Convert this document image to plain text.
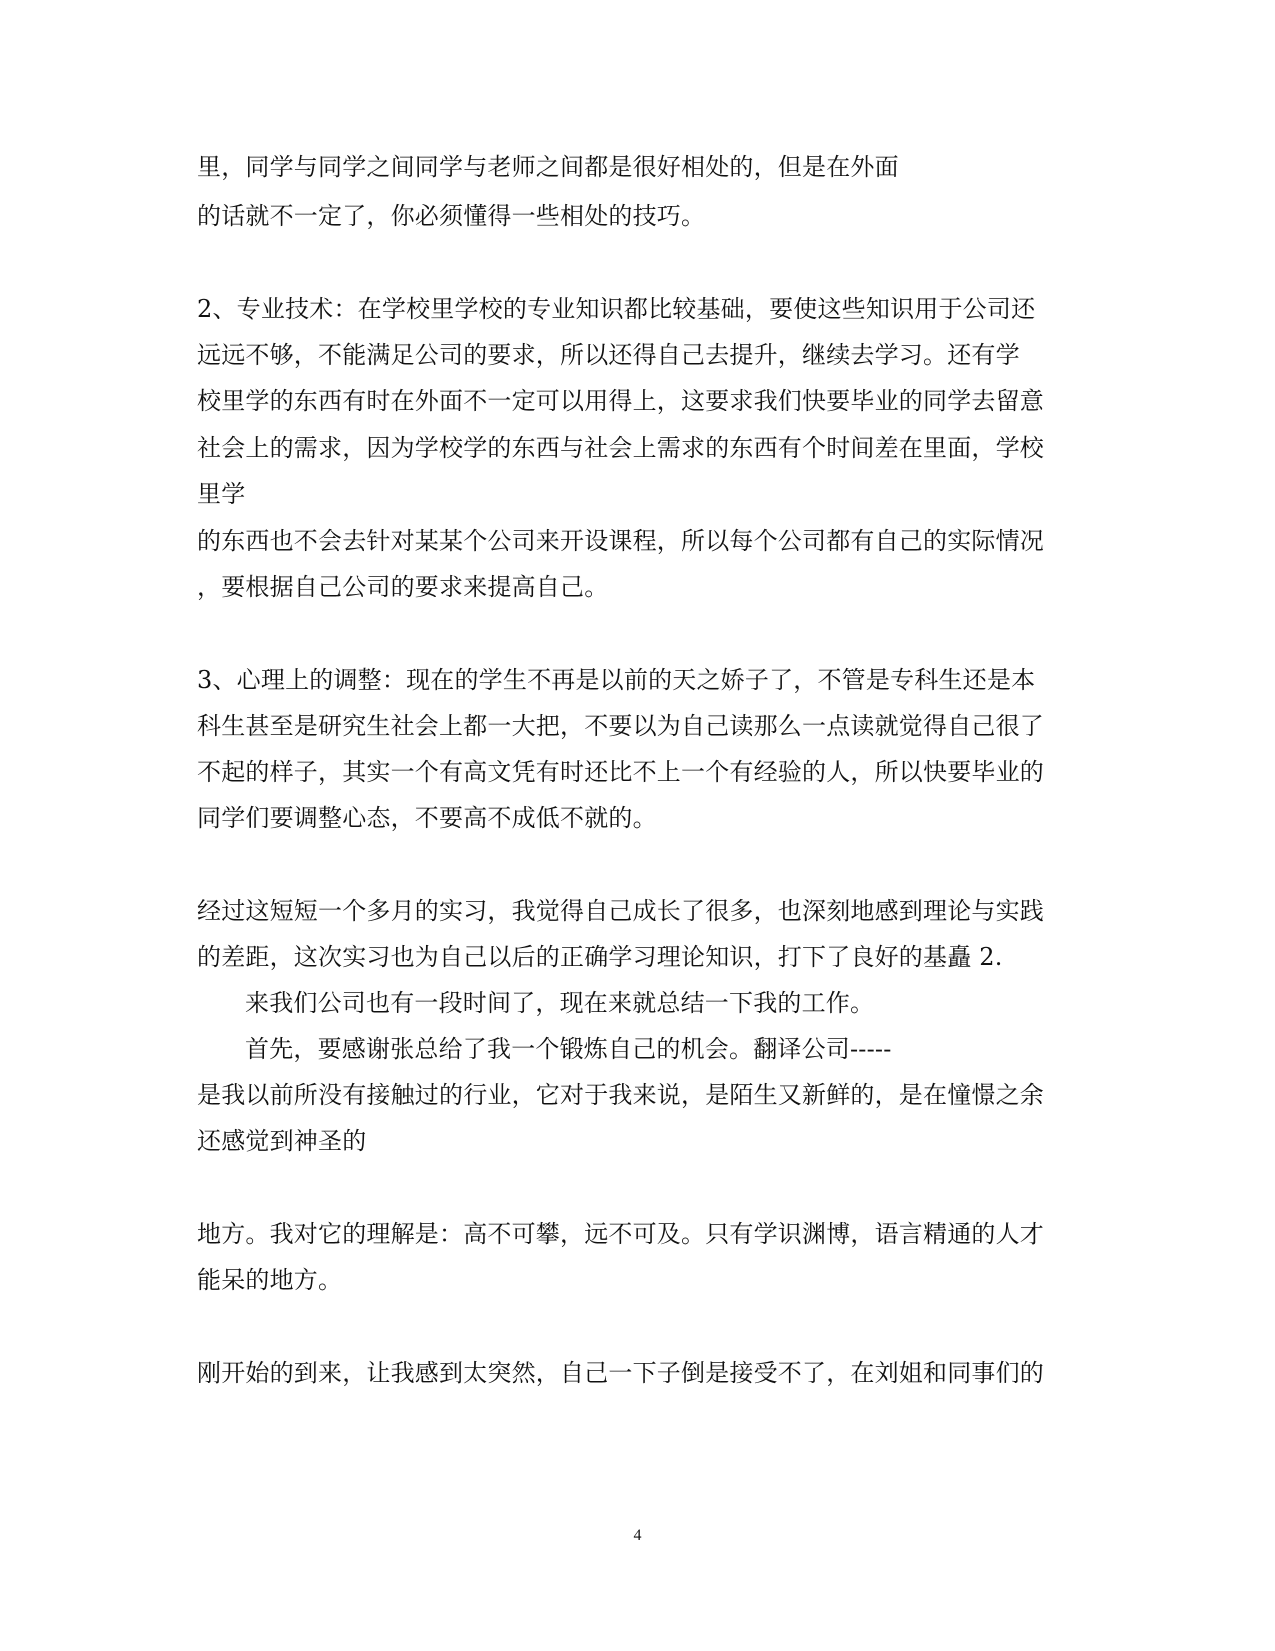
里，同学与同学之间同学与老师之间都是很好相处的，但是在外面
的话就不一定了，你必须懂得一些相处的技巧。
2、专业技术：在学校里学校的专业知识都比较基础，要使这些知识用于公司还
远远不够，不能满足公司的要求，所以还得自己去提升，继续去学习。还有学
校里学的东西有时在外面不一定可以用得上，这要求我们快要毕业的同学去留意
社会上的需求，因为学校学的东西与社会上需求的东西有个时间差在里面，学校
里学
的东西也不会去针对某某个公司来开设课程，所以每个公司都有自己的实际情况
，要根据自己公司的要求来提高自己。
3、心理上的调整：现在的学生不再是以前的天之娇子了，不管是专科生还是本
科生甚至是研究生社会上都一大把，不要以为自己读那么一点读就觉得自己很了
不起的样子，其实一个有高文凭有时还比不上一个有经验的人，所以快要毕业的
同学们要调整心态，不要高不成低不就的。
经过这短短一个多月的实习，我觉得自己成长了很多，也深刻地感到理论与实践
的差距，这次实习也为自己以后的正确学习理论知识，打下了良好的基矗 2.
来我们公司也有一段时间了，现在来就总结一下我的工作。
首先，要感谢张总给了我一个锻炼自己的机会。翻译公司-----
是我以前所没有接触过的行业，它对于我来说，是陌生又新鲜的，是在憧憬之余
还感觉到神圣的
地方。我对它的理解是：高不可攀，远不可及。只有学识渊博，语言精通的人才
能呆的地方。
刚开始的到来，让我感到太突然，自己一下子倒是接受不了，在刘姐和同事们的
4
